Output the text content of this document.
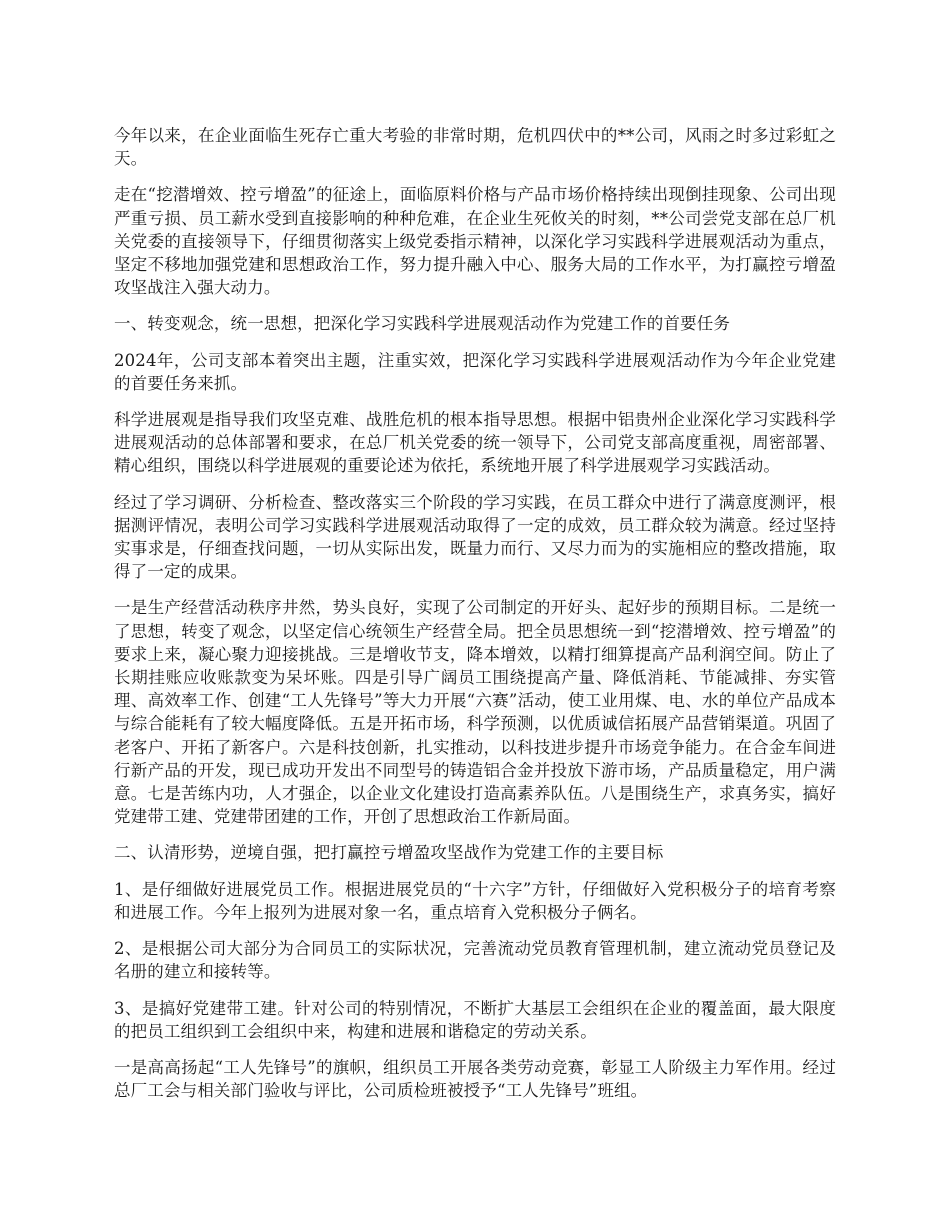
今年以来，在企业面临生死存亡重大考验的非常时期，危机四伏中的**公司，风雨之时多过彩虹之天。

走在“挖潜增效、控亏增盈”的征途上，面临原料价格与产品市场价格持续出现倒挂现象、公司出现严重亏损、员工薪水受到直接影响的种种危难，在企业生死攸关的时刻，**公司尝党支部在总厂机关党委的直接领导下，仔细贯彻落实上级党委指示精神，以深化学习实践科学进展观活动为重点，坚定不移地加强党建和思想政治工作，努力提升融入中心、服务大局的工作水平，为打赢控亏增盈攻坚战注入强大动力。

一、转变观念，统一思想，把深化学习实践科学进展观活动作为党建工作的首要任务

2024年，公司支部本着突出主题，注重实效，把深化学习实践科学进展观活动作为今年企业党建的首要任务来抓。

科学进展观是指导我们攻坚克难、战胜危机的根本指导思想。根据中铝贵州企业深化学习实践科学进展观活动的总体部署和要求，在总厂机关党委的统一领导下，公司党支部高度重视，周密部署、精心组织，围绕以科学进展观的重要论述为依托，系统地开展了科学进展观学习实践活动。

经过了学习调研、分析检查、整改落实三个阶段的学习实践，在员工群众中进行了满意度测评，根据测评情况，表明公司学习实践科学进展观活动取得了一定的成效，员工群众较为满意。经过坚持实事求是，仔细查找问题，一切从实际出发，既量力而行、又尽力而为的实施相应的整改措施，取得了一定的成果。

一是生产经营活动秩序井然，势头良好，实现了公司制定的开好头、起好步的预期目标。二是统一了思想，转变了观念，以坚定信心统领生产经营全局。把全员思想统一到“挖潜增效、控亏增盈”的要求上来，凝心聚力迎接挑战。三是增收节支，降本增效，以精打细算提高产品利润空间。防止了长期挂账应收账款变为呆坏账。四是引导广阔员工围绕提高产量、降低消耗、节能减排、夯实管理、高效率工作、创建“工人先锋号”等大力开展“六赛”活动，使工业用煤、电、水的单位产品成本与综合能耗有了较大幅度降低。五是开拓市场，科学预测，以优质诚信拓展产品营销渠道。巩固了老客户、开拓了新客户。六是科技创新，扎实推动，以科技进步提升市场竞争能力。在合金车间进行新产品的开发，现已成功开发出不同型号的铸造铝合金并投放下游市场，产品质量稳定，用户满意。七是苦练内功，人才强企，以企业文化建设打造高素养队伍。八是围绕生产，求真务实，搞好党建带工建、党建带团建的工作，开创了思想政治工作新局面。

二、认清形势，逆境自强，把打赢控亏增盈攻坚战作为党建工作的主要目标

1、是仔细做好进展党员工作。根据进展党员的“十六字”方针，仔细做好入党积极分子的培育考察和进展工作。今年上报列为进展对象一名，重点培育入党积极分子俩名。

2、是根据公司大部分为合同员工的实际状况，完善流动党员教育管理机制，建立流动党员登记及名册的建立和接转等。

3、是搞好党建带工建。针对公司的特别情况，不断扩大基层工会组织在企业的覆盖面，最大限度的把员工组织到工会组织中来，构建和进展和谐稳定的劳动关系。

一是高高扬起“工人先锋号”的旗帜，组织员工开展各类劳动竞赛，彰显工人阶级主力军作用。经过总厂工会与相关部门验收与评比，公司质检班被授予“工人先锋号”班组。
